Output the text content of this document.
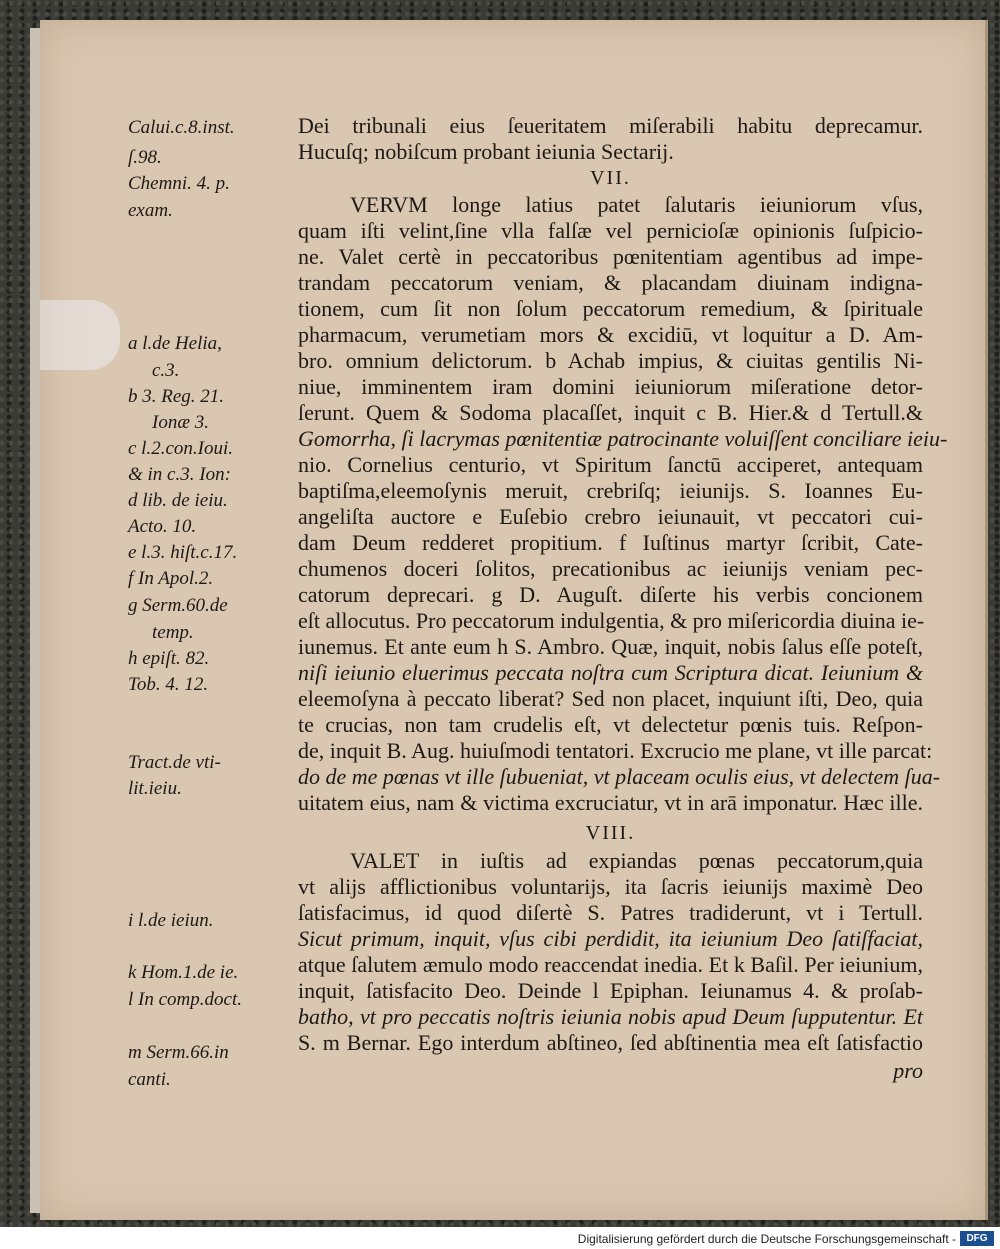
Calui.c.8.inst.
ſ.98.
Chemni. 4. p.
exam.
a l.de Helia,
c.3.
b 3. Reg. 21.
Ionæ 3.
c l.2.con.Ioui.
& in c.3. Ion:
d lib. de ieiu.
Acto. 10.
e l.3. hiſt.c.17.
f In Apol.2.
g Serm.60.de
temp.
h epiſt. 82.
Tob. 4. 12.
Tract.de vti-
lit.ieiu.
i l.de ieiun.
k Hom.1.de ie.
l In comp.doct.
m Serm.66.in
canti.
Dei tribunali eius ſeueritatem miſerabili habitu deprecamur.
Hucuſq; nobiſcum probant ieiunia Sectarij.
VII.
VERVM longe latius patet ſalutaris ieiuniorum vſus,
quam iſti velint,ſine vlla falſæ vel pernicioſæ opinionis ſuſpicio-
ne. Valet certè in peccatoribus pœnitentiam agentibus ad impe-
trandam peccatorum veniam, & placandam diuinam indigna-
tionem, cum ſit non ſolum peccatorum remedium, & ſpirituale
pharmacum, verumetiam mors & excidiū, vt loquitur a D. Am-
bro. omnium delictorum. b Achab impius, & ciuitas gentilis Ni-
niue, imminentem iram domini ieiuniorum miſeratione detor-
ſerunt. Quem & Sodoma placaſſet, inquit c B. Hier.& d Tertull.&
Gomorrha, ſi lacrymas pœnitentiæ patrocinante voluiſſent conciliare ieiu-
nio. Cornelius centurio, vt Spiritum ſanctū acciperet, antequam
baptiſma,eleemoſynis meruit, crebriſq; ieiunijs. S. Ioannes Eu-
angeliſta auctore e Euſebio crebro ieiunauit, vt peccatori cui-
dam Deum redderet propitium. f Iuſtinus martyr ſcribit, Cate-
chumenos doceri ſolitos, precationibus ac ieiunijs veniam pec-
catorum deprecari. g D. Auguſt. diſerte his verbis concionem
eſt allocutus. Pro peccatorum indulgentia, & pro miſericordia diuina ie-
iunemus. Et ante eum h S. Ambro. Quæ, inquit, nobis ſalus eſſe poteſt,
niſi ieiunio eluerimus peccata noſtra cum Scriptura dicat. Ieiunium &
eleemoſyna à peccato liberat? Sed non placet, inquiunt iſti, Deo, quia
te crucias, non tam crudelis eſt, vt delectetur pœnis tuis. Reſpon-
de, inquit B. Aug. huiuſmodi tentatori. Excrucio me plane, vt ille parcat:
do de me pœnas vt ille ſubueniat, vt placeam oculis eius, vt delectem ſua-
uitatem eius, nam & victima excruciatur, vt in arā imponatur. Hæc ille.
VIII.
VALET in iuſtis ad expiandas pœnas peccatorum,quia
vt alijs afflictionibus voluntarijs, ita ſacris ieiunijs maximè Deo
ſatisfacimus, id quod diſertè S. Patres tradiderunt, vt i Tertull.
Sicut primum, inquit, vſus cibi perdidit, ita ieiunium Deo ſatiſfaciat,
atque ſalutem æmulo modo reaccendat inedia. Et k Baſil. Per ieiunium,
inquit, ſatisfacito Deo. Deinde l Epiphan. Ieiunamus 4. & proſab-
batho, vt pro peccatis noſtris ieiunia nobis apud Deum ſupputentur. Et
S. m Bernar. Ego interdum abſtineo, ſed abſtinentia mea eſt ſatisfactio
pro
Digitalisierung gefördert durch die Deutsche Forschungsgemeinschaft -	DFG
